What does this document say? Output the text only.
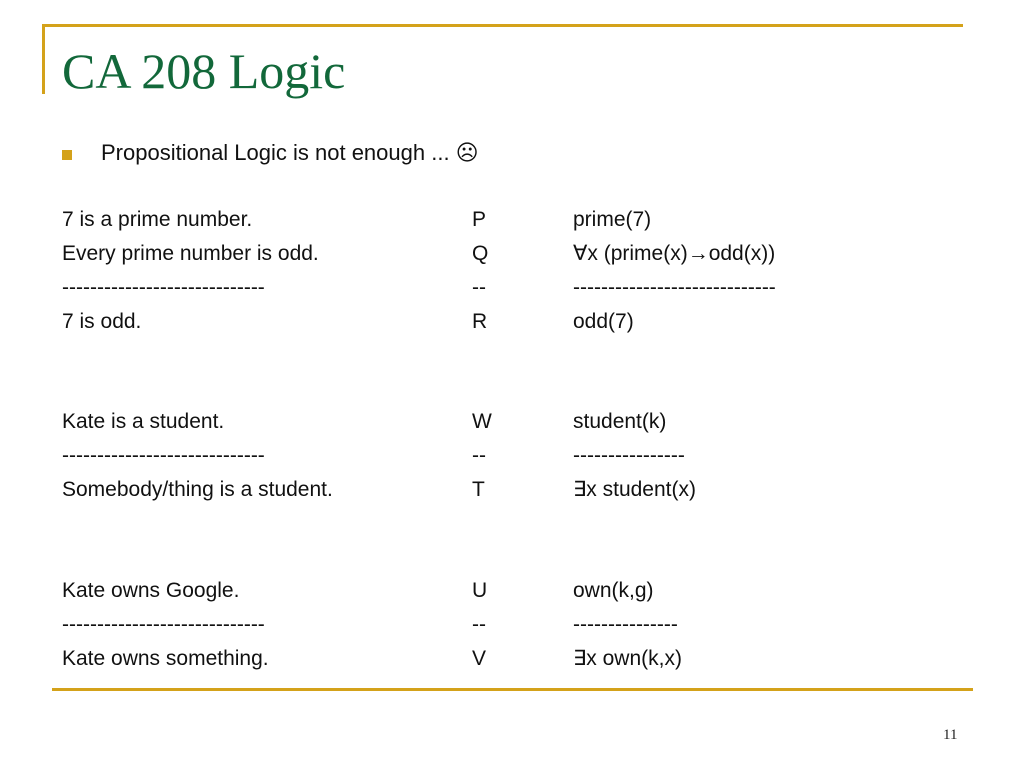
CA 208 Logic
Propositional Logic is not enough ... ☹
7 is a prime number.	P	prime(7)
Every prime number is odd.	Q	∀x (prime(x)→odd(x))
-----------------------------	--	-----------------------------
7 is odd.	R	odd(7)
Kate is a student.	W	student(k)
-----------------------------	--	----------------
Somebody/thing is a student.	T	∃x student(x)
Kate owns Google.	U	own(k,g)
-----------------------------	--	---------------
Kate owns something.	V	∃x own(k,x)
11
